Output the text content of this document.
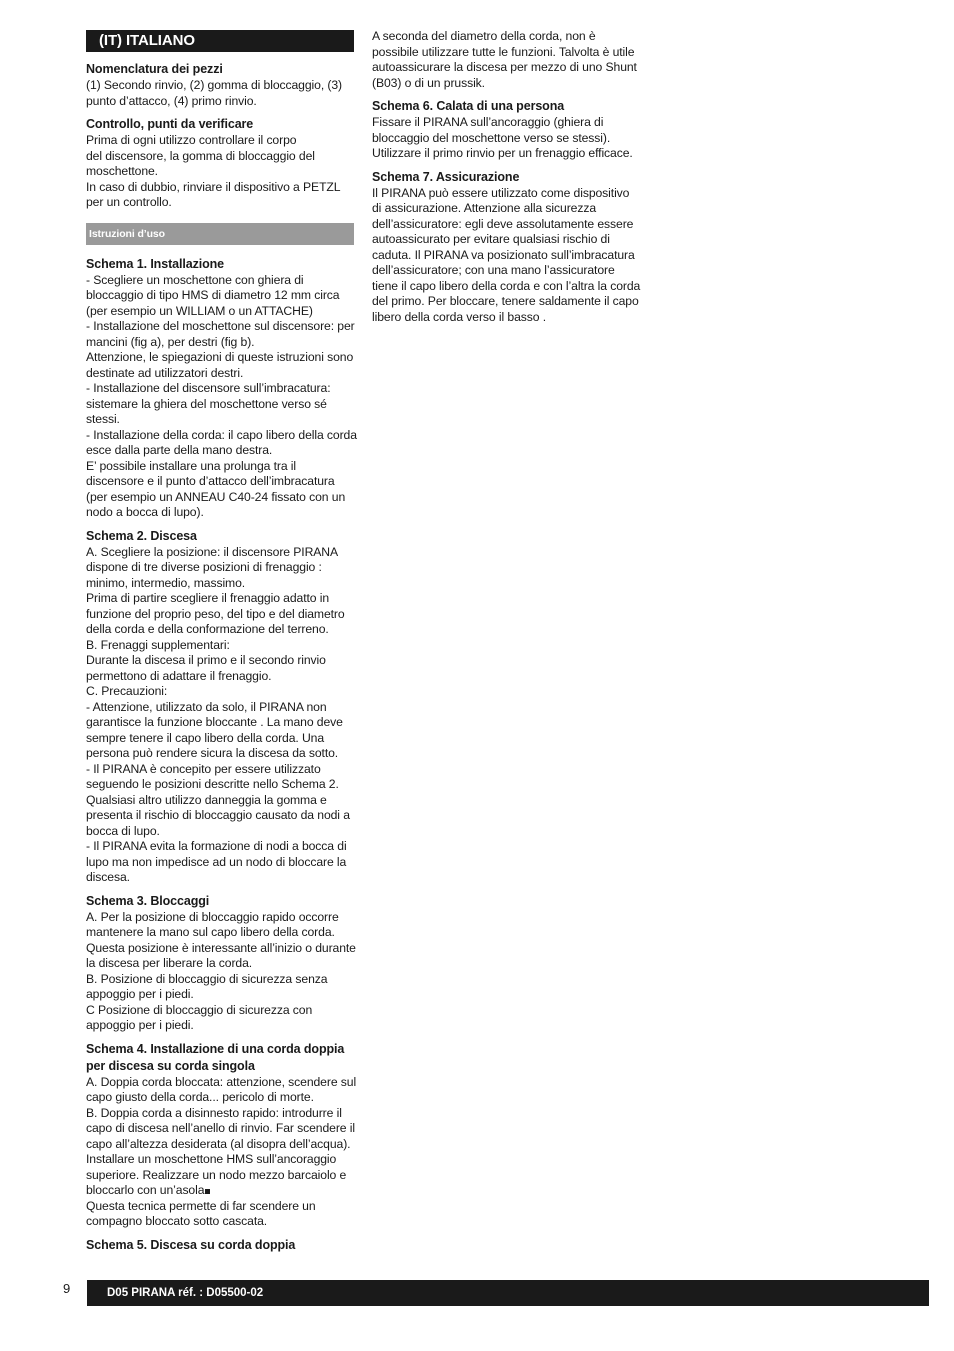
(IT) ITALIANO
Nomenclatura dei pezzi
(1) Secondo rinvio, (2) gomma di bloccaggio, (3)
punto d’attacco, (4) primo rinvio.
Controllo, punti da verificare
Prima di ogni utilizzo controllare il corpo
del discensore, la gomma di bloccaggio del
moschettone.
In caso di dubbio, rinviare il dispositivo a PETZL
per un controllo.
Istruzioni d’uso
Schema 1. Installazione
- Scegliere un moschettone con ghiera di
bloccaggio di tipo HMS di diametro 12 mm circa
(per esempio un WILLIAM o un ATTACHE)
- Installazione del moschettone sul discensore: per
mancini (fig a), per destri (fig b).
Attenzione, le spiegazioni di queste istruzioni sono
destinate ad utilizzatori destri.
- Installazione del discensore sull’imbracatura:
sistemare la ghiera del moschettone verso sé
stessi.
- Installazione della corda: il capo libero della corda
esce dalla parte della mano destra.
E’ possibile installare una prolunga tra il
discensore e il punto d’attacco dell’imbracatura
(per esempio un ANNEAU C40-24 fissato con un
nodo a bocca di lupo).
Schema 2. Discesa
A. Scegliere la posizione: il discensore PIRANA
dispone di tre diverse posizioni di frenaggio :
minimo, intermedio, massimo.
Prima di partire scegliere il frenaggio adatto in
funzione del proprio peso, del tipo e del diametro
della corda e della conformazione del terreno.
B. Frenaggi supplementari:
Durante la discesa il primo e il secondo rinvio
permettono di adattare il frenaggio.
C. Precauzioni:
- Attenzione, utilizzato da solo, il PIRANA non
garantisce la funzione bloccante . La mano deve
sempre tenere il capo libero della corda. Una
persona può rendere sicura la discesa da sotto.
- Il PIRANA è concepito per essere utilizzato
seguendo le posizioni descritte nello Schema 2.
Qualsiasi altro utilizzo danneggia la gomma e
presenta il rischio di bloccaggio causato da nodi a
bocca di lupo.
- Il PIRANA evita la formazione di nodi a bocca di
lupo ma non impedisce ad un nodo di bloccare la
discesa.
Schema 3. Bloccaggi
A. Per la posizione di bloccaggio rapido occorre
mantenere la mano sul capo libero della corda.
Questa posizione è interessante all’inizio o durante
la discesa per liberare la corda.
B. Posizione di bloccaggio di sicurezza senza
appoggio per i piedi.
C Posizione di bloccaggio di sicurezza con
appoggio per i piedi.
Schema 4. Installazione di una corda doppia
per discesa su corda singola
A. Doppia corda bloccata: attenzione, scendere sul
capo giusto della corda... pericolo di morte.
B. Doppia corda a disinnesto rapido: introdurre il
capo di discesa nell’anello di rinvio. Far scendere il
capo all’altezza desiderata (al disopra dell’acqua).
Installare un moschettone HMS sull’ancoraggio
superiore. Realizzare un nodo mezzo barcaiolo e
bloccarlo con un’asola
Questa tecnica permette di far scendere un
compagno bloccato sotto cascata.
Schema 5. Discesa su corda doppia
A seconda del diametro della corda, non è
possibile utilizzare tutte le funzioni. Talvolta è utile
autoassicurare la discesa per mezzo di uno Shunt
(B03) o di un prussik.
Schema 6. Calata di una persona
Fissare il PIRANA sull’ancoraggio (ghiera di
bloccaggio del moschettone verso se stessi).
Utilizzare il primo rinvio per un frenaggio efficace.
Schema 7. Assicurazione
Il PIRANA può essere utilizzato come dispositivo
di assicurazione. Attenzione alla sicurezza
dell’assicuratore: egli deve assolutamente essere
autoassicurato per evitare qualsiasi rischio di
caduta. Il PIRANA va posizionato sull’imbracatura
dell’assicuratore; con una mano l’assicuratore
tiene il capo libero della corda e con l’altra la corda
del primo. Per bloccare, tenere saldamente il capo
libero della corda verso il basso .
9	D05 PIRANA réf. : D05500-02
